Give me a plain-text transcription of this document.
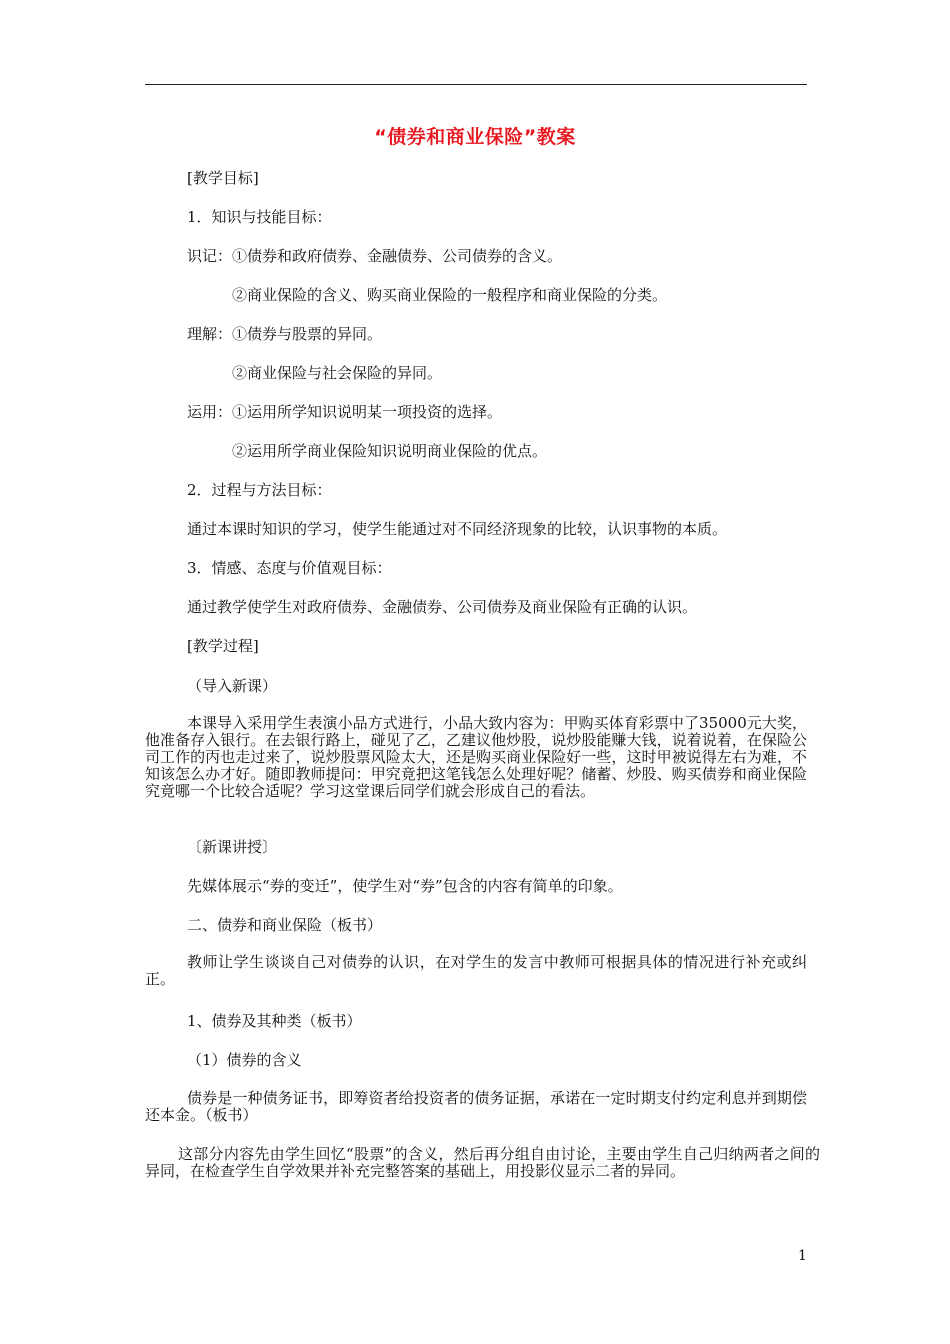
“债券和商业保险”教案
[教学目标]
1．知识与技能目标：
识记：①债券和政府债券、金融债券、公司债券的含义。
②商业保险的含义、购买商业保险的一般程序和商业保险的分类。
理解：①债券与股票的异同。
②商业保险与社会保险的异同。
运用：①运用所学知识说明某一项投资的选择。
②运用所学商业保险知识说明商业保险的优点。
2．过程与方法目标：
通过本课时知识的学习，使学生能通过对不同经济现象的比较，认识事物的本质。
3．情感、态度与价值观目标：
通过教学使学生对政府债券、金融债券、公司债券及商业保险有正确的认识。
[教学过程]
（导入新课）
本课导入采用学生表演小品方式进行，小品大致内容为：甲购买体育彩票中了35000元大奖，他准备存入银行。在去银行路上，碰见了乙，乙建议他炒股，说炒股能赚大钱，说着说着，在保险公司工作的丙也走过来了，说炒股票风险太大，还是购买商业保险好一些，这时甲被说得左右为难，不知该怎么办才好。随即教师提问：甲究竟把这笔钱怎么处理好呢？储蓄、炒股、购买债券和商业保险究竟哪一个比较合适呢？学习这堂课后同学们就会形成自己的看法。
〔新课讲授〕
先媒体展示“券的变迁”，使学生对“券”包含的内容有简单的印象。
二、债券和商业保险（板书）
教师让学生谈谈自己对债券的认识，在对学生的发言中教师可根据具体的情况进行补充或纠正。
1、债券及其种类（板书）
（1）债券的含义
债券是一种债务证书，即筹资者给投资者的债务证据，承诺在一定时期支付约定利息并到期偿还本金。（板书）
这部分内容先由学生回忆“股票”的含义，然后再分组自由讨论，主要由学生自己归纳两者之间的异同，在检查学生自学效果并补充完整答案的基础上，用投影仪显示二者的异同。
1
